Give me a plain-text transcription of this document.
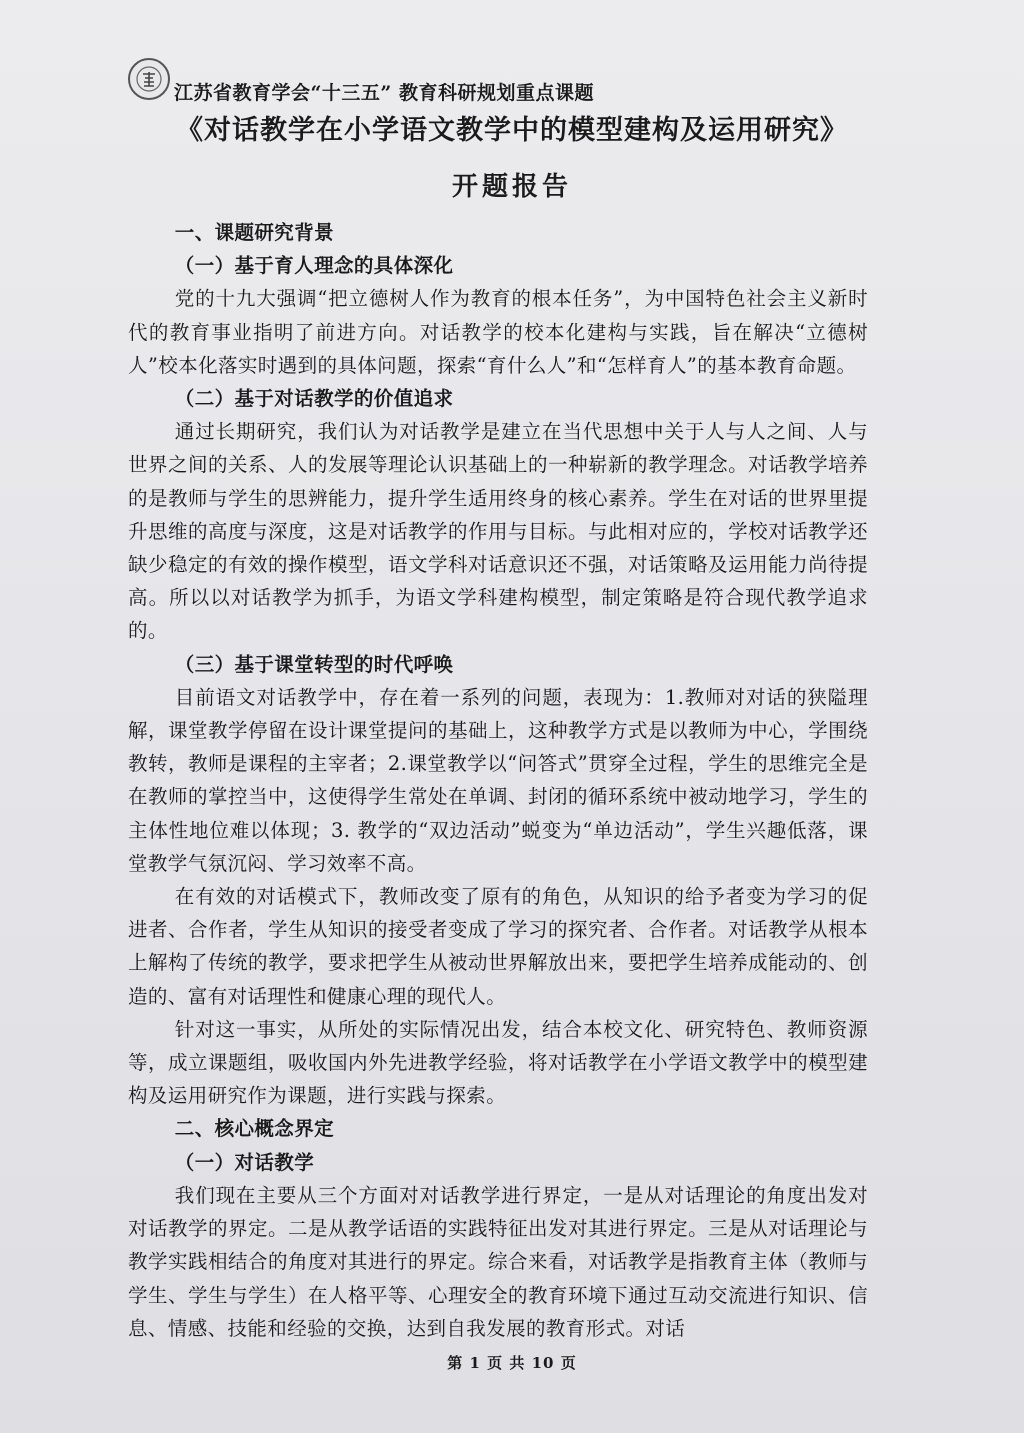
江苏省教育学会“十三五” 教育科研规划重点课题
《对话教学在小学语文教学中的模型建构及运用研究》
开题报告

一、课题研究背景

（一）基于育人理念的具体深化

党的十九大强调“把立德树人作为教育的根本任务”，为中国特色社会主义新时代的教育事业指明了前进方向。对话教学的校本化建构与实践，旨在解决“立德树人”校本化落实时遇到的具体问题，探索“育什么人”和“怎样育人”的基本教育命题。

（二）基于对话教学的价值追求

通过长期研究，我们认为对话教学是建立在当代思想中关于人与人之间、人与世界之间的关系、人的发展等理论认识基础上的一种崭新的教学理念。对话教学培养的是教师与学生的思辨能力，提升学生适用终身的核心素养。学生在对话的世界里提升思维的高度与深度，这是对话教学的作用与目标。与此相对应的，学校对话教学还缺少稳定的有效的操作模型，语文学科对话意识还不强，对话策略及运用能力尚待提高。所以以对话教学为抓手，为语文学科建构模型，制定策略是符合现代教学追求的。

（三）基于课堂转型的时代呼唤

目前语文对话教学中，存在着一系列的问题，表现为：1.教师对对话的狭隘理解，课堂教学停留在设计课堂提问的基础上，这种教学方式是以教师为中心，学围绕教转，教师是课程的主宰者；2.课堂教学以“问答式”贯穿全过程，学生的思维完全是在教师的掌控当中，这使得学生常处在单调、封闭的循环系统中被动地学习，学生的主体性地位难以体现；3. 教学的“双边活动”蜕变为“单边活动”，学生兴趣低落，课堂教学气氛沉闷、学习效率不高。

在有效的对话模式下，教师改变了原有的角色，从知识的给予者变为学习的促进者、合作者，学生从知识的接受者变成了学习的探究者、合作者。对话教学从根本上解构了传统的教学，要求把学生从被动世界解放出来，要把学生培养成能动的、创造的、富有对话理性和健康心理的现代人。

针对这一事实，从所处的实际情况出发，结合本校文化、研究特色、教师资源等，成立课题组，吸收国内外先进教学经验，将对话教学在小学语文教学中的模型建构及运用研究作为课题，进行实践与探索。

二、核心概念界定

（一）对话教学

我们现在主要从三个方面对对话教学进行界定，一是从对话理论的角度出发对对话教学的界定。二是从教学话语的实践特征出发对其进行界定。三是从对话理论与教学实践相结合的角度对其进行的界定。综合来看，对话教学是指教育主体（教师与学生、学生与学生）在人格平等、心理安全的教育环境下通过互动交流进行知识、信息、情感、技能和经验的交换，达到自我发展的教育形式。对话

第 1 页 共 10 页
